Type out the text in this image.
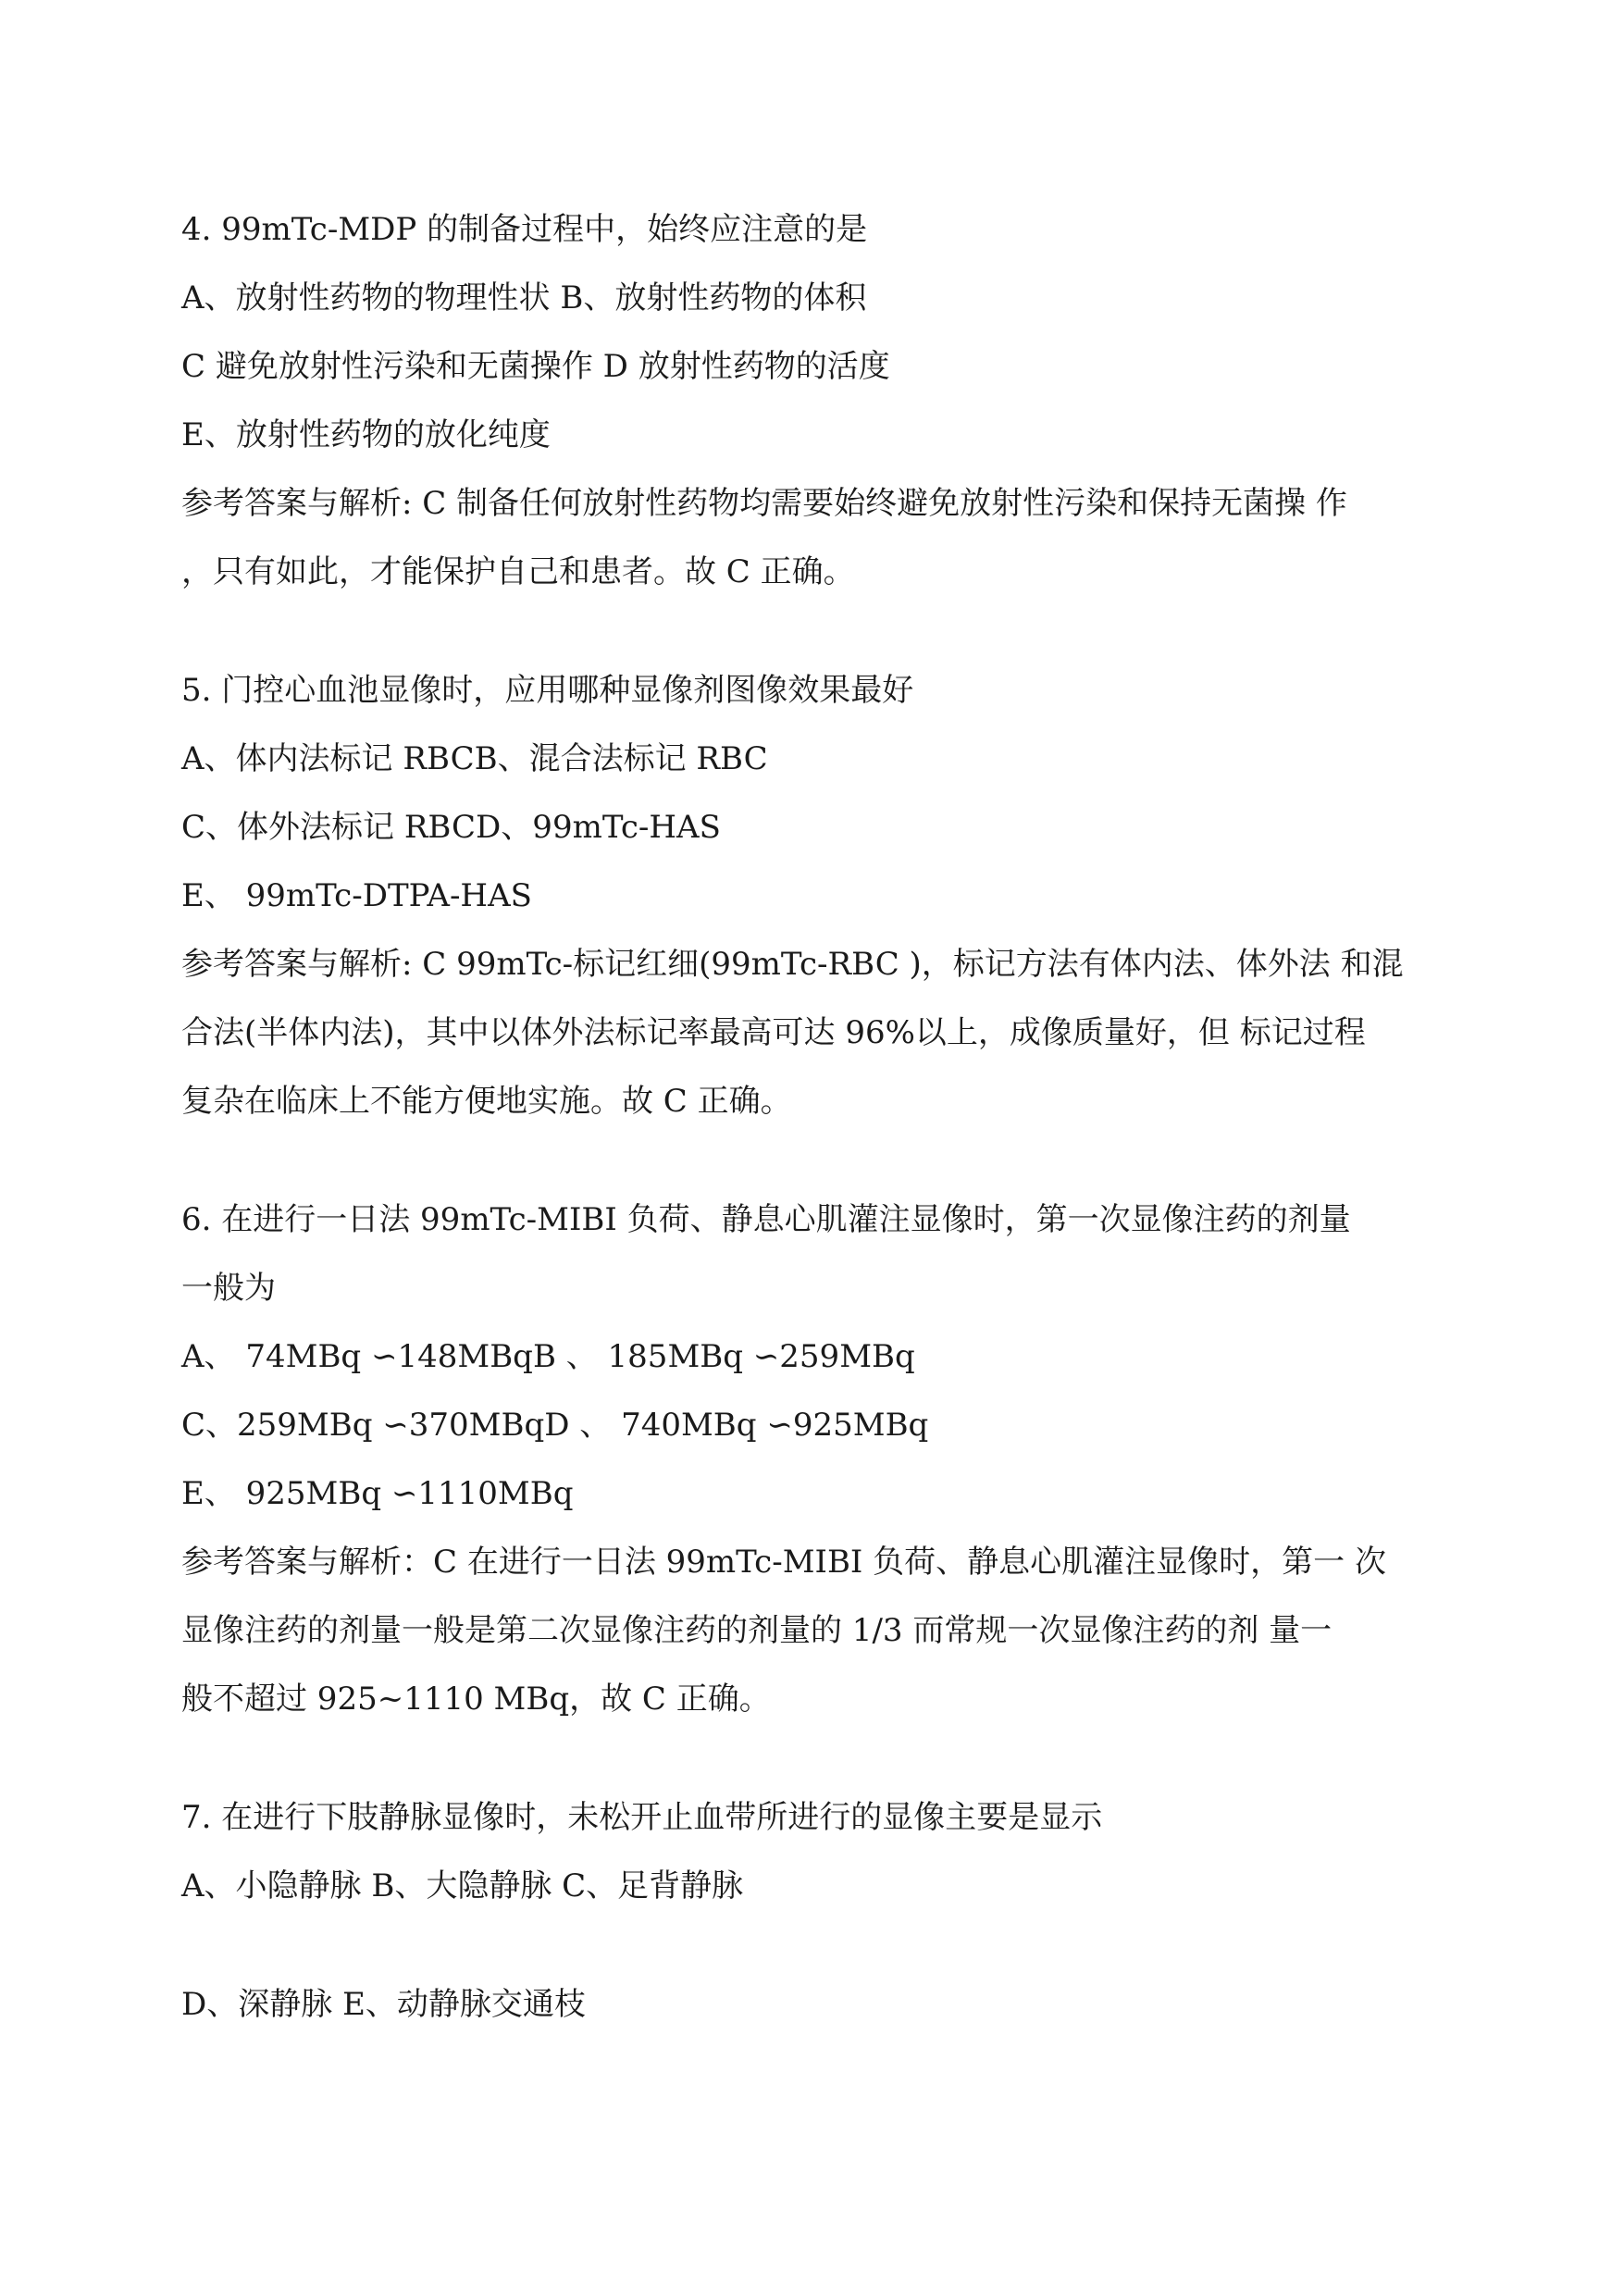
4. 99mTc-MDP 的制备过程中，始终应注意的是
A、放射性药物的物理性状 B、放射性药物的体积
C 避免放射性污染和无菌操作 D 放射性药物的活度
E、放射性药物的放化纯度
参考答案与解析: C 制备任何放射性药物均需要始终避免放射性污染和保持无菌操 作
，只有如此，才能保护自己和患者。故 C 正确。
5. 门控心血池显像时，应用哪种显像剂图像效果最好
A、体内法标记 RBCB、混合法标记 RBC
C、体外法标记 RBCD、99mTc-HAS
E、 99mTc-DTPA-HAS
参考答案与解析: C 99mTc-标记红细(99mTc-RBC )，标记方法有体内法、体外法 和混
合法(半体内法)，其中以体外法标记率最高可达 96%以上，成像质量好，但 标记过程
复杂在临床上不能方便地实施。故 C 正确。
6. 在进行一日法 99mTc-MIBI 负荷、静息心肌灌注显像时，第一次显像注药的剂量
一般为
A、 74MBq ∽148MBqB 、 185MBq ∽259MBq
C、259MBq ∽370MBqD 、 740MBq ∽925MBq
E、 925MBq ∽1110MBq
参考答案与解析：C 在进行一日法 99mTc-MIBI 负荷、静息心肌灌注显像时，第一 次
显像注药的剂量一般是第二次显像注药的剂量的 1/3 而常规一次显像注药的剂 量一
般不超过 925~1110 MBq，故 C 正确。
7. 在进行下肢静脉显像时，未松开止血带所进行的显像主要是显示
A、小隐静脉 B、大隐静脉 C、足背静脉
D、深静脉 E、动静脉交通枝
